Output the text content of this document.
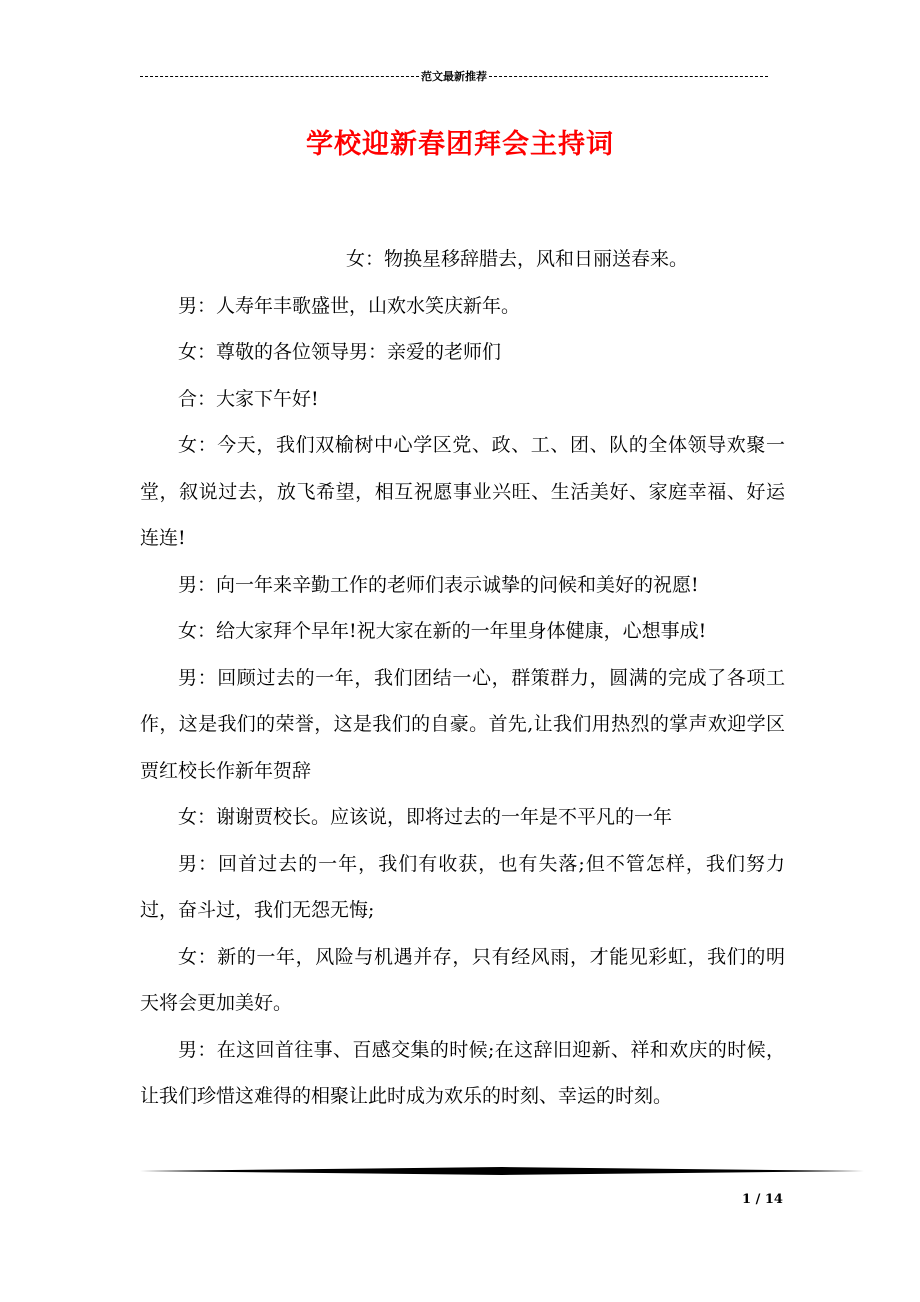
范文最新推荐
学校迎新春团拜会主持词

女：物换星移辞腊去，风和日丽送春来。

男：人寿年丰歌盛世，山欢水笑庆新年。

女：尊敬的各位领导男：亲爱的老师们

合：大家下午好!

女：今天，我们双榆树中心学区党、政、工、团、队的全体领导欢聚一堂，叙说过去，放飞希望，相互祝愿事业兴旺、生活美好、家庭幸福、好运连连!

男：向一年来辛勤工作的老师们表示诚挚的问候和美好的祝愿!

女：给大家拜个早年!祝大家在新的一年里身体健康，心想事成!

男：回顾过去的一年，我们团结一心，群策群力，圆满的完成了各项工作，这是我们的荣誉，这是我们的自豪。首先,让我们用热烈的掌声欢迎学区贾红校长作新年贺辞

女：谢谢贾校长。应该说，即将过去的一年是不平凡的一年

男：回首过去的一年，我们有收获，也有失落;但不管怎样，我们努力过，奋斗过，我们无怨无悔;

女：新的一年，风险与机遇并存，只有经风雨，才能见彩虹，我们的明天将会更加美好。

男：在这回首往事、百感交集的时候;在这辞旧迎新、祥和欢庆的时候，让我们珍惜这难得的相聚让此时成为欢乐的时刻、幸运的时刻。

1 / 14
